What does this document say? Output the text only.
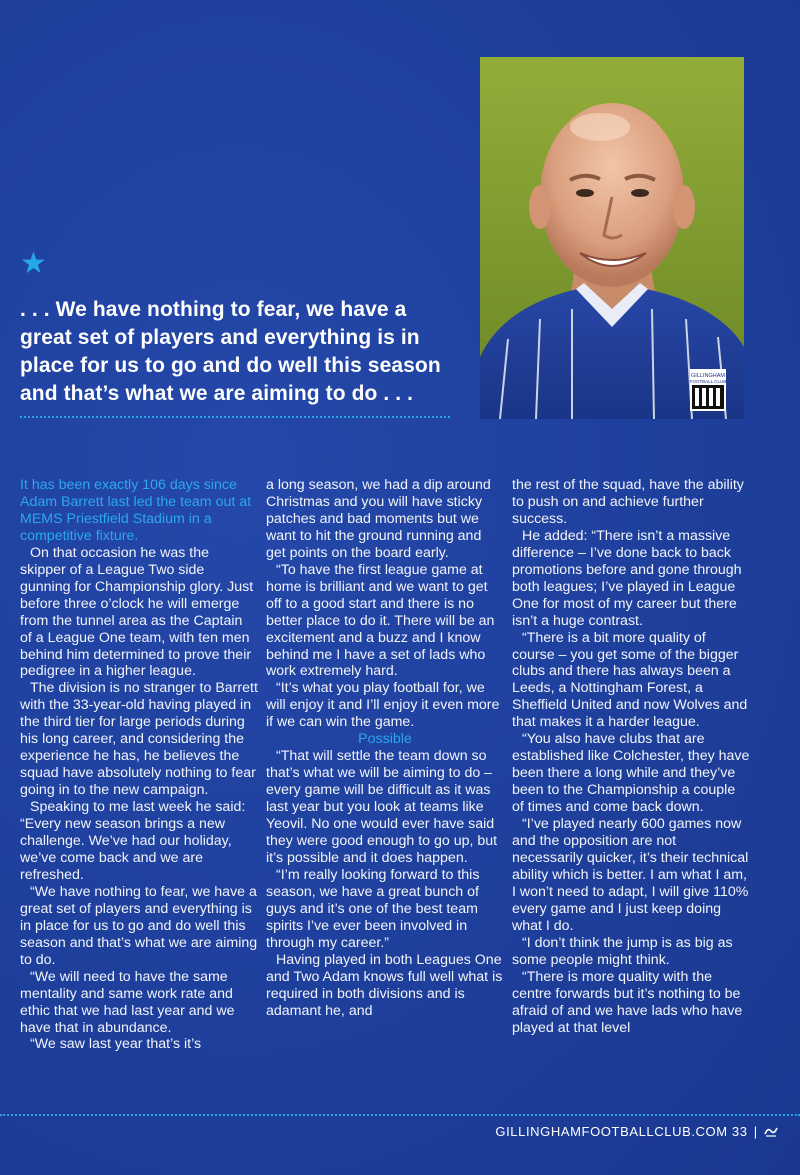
GILLINGHAM
FOOTBALL CLUB
★
. . . We have nothing to fear, we have a great set of players and everything is in place for us to go and do well this season and that’s what we are aiming to do . . .

It has been exactly 106 days since Adam Barrett last led the team out at MEMS Priestfield Stadium in a competitive fixture.

On that occasion he was the skipper of a League Two side gunning for Championship glory. Just before three o’clock he will emerge from the tunnel area as the Captain of a League One team, with ten men behind him determined to prove their pedigree in a higher league.

The division is no stranger to Barrett with the 33-year-old having played in the third tier for large periods during his long career, and considering the experience he has, he believes the squad have absolutely nothing to fear going in to the new campaign.

Speaking to me last week he said: “Every new season brings a new challenge. We’ve had our holiday, we’ve come back and we are refreshed.

“We have nothing to fear, we have a great set of players and everything is in place for us to go and do well this season and that’s what we are aiming to do.

“We will need to have the same mentality and same work rate and ethic that we had last year and we have that in abundance.

“We saw last year that’s it’s

a long season, we had a dip around Christmas and you will have sticky patches and bad moments but we want to hit the ground running and get points on the board early.

“To have the first league game at home is brilliant and we want to get off to a good start and there is no better place to do it. There will be an excitement and a buzz and I know behind me I have a set of lads who work extremely hard.

“It’s what you play football for, we will enjoy it and I’ll enjoy it even more if we can win the game.

Possible

“That will settle the team down so that’s what we will be aiming to do – every game will be difficult as it was last year but you look at teams like Yeovil. No one would ever have said they were good enough to go up, but it’s possible and it does happen.

“I’m really looking forward to this season, we have a great bunch of guys and it’s one of the best team spirits I’ve ever been involved in through my career.”

Having played in both Leagues One and Two Adam knows full well what is required in both divisions and is adamant he, and

the rest of the squad, have the ability to push on and achieve further success.

He added: “There isn’t a massive difference – I’ve done back to back promotions before and gone through both leagues; I’ve played in League One for most of my career but there isn’t a huge contrast.

“There is a bit more quality of course – you get some of the bigger clubs and there has always been a Leeds, a Nottingham Forest, a Sheffield United and now Wolves and that makes it a harder league.

“You also have clubs that are established like Colchester, they have been there a long while and they’ve been to the Championship a couple of times and come back down.

“I’ve played nearly 600 games now and the opposition are not necessarily quicker, it’s their technical ability which is better. I am what I am, I won’t need to adapt, I will give 110% every game and I just keep doing what I do.

“I don’t think the jump is as big as some people might think.

“There is more quality with the centre forwards but it’s nothing to be afraid of and we have lads who have played at that level

GILLINGHAMFOOTBALLCLUB.COM 33 |
